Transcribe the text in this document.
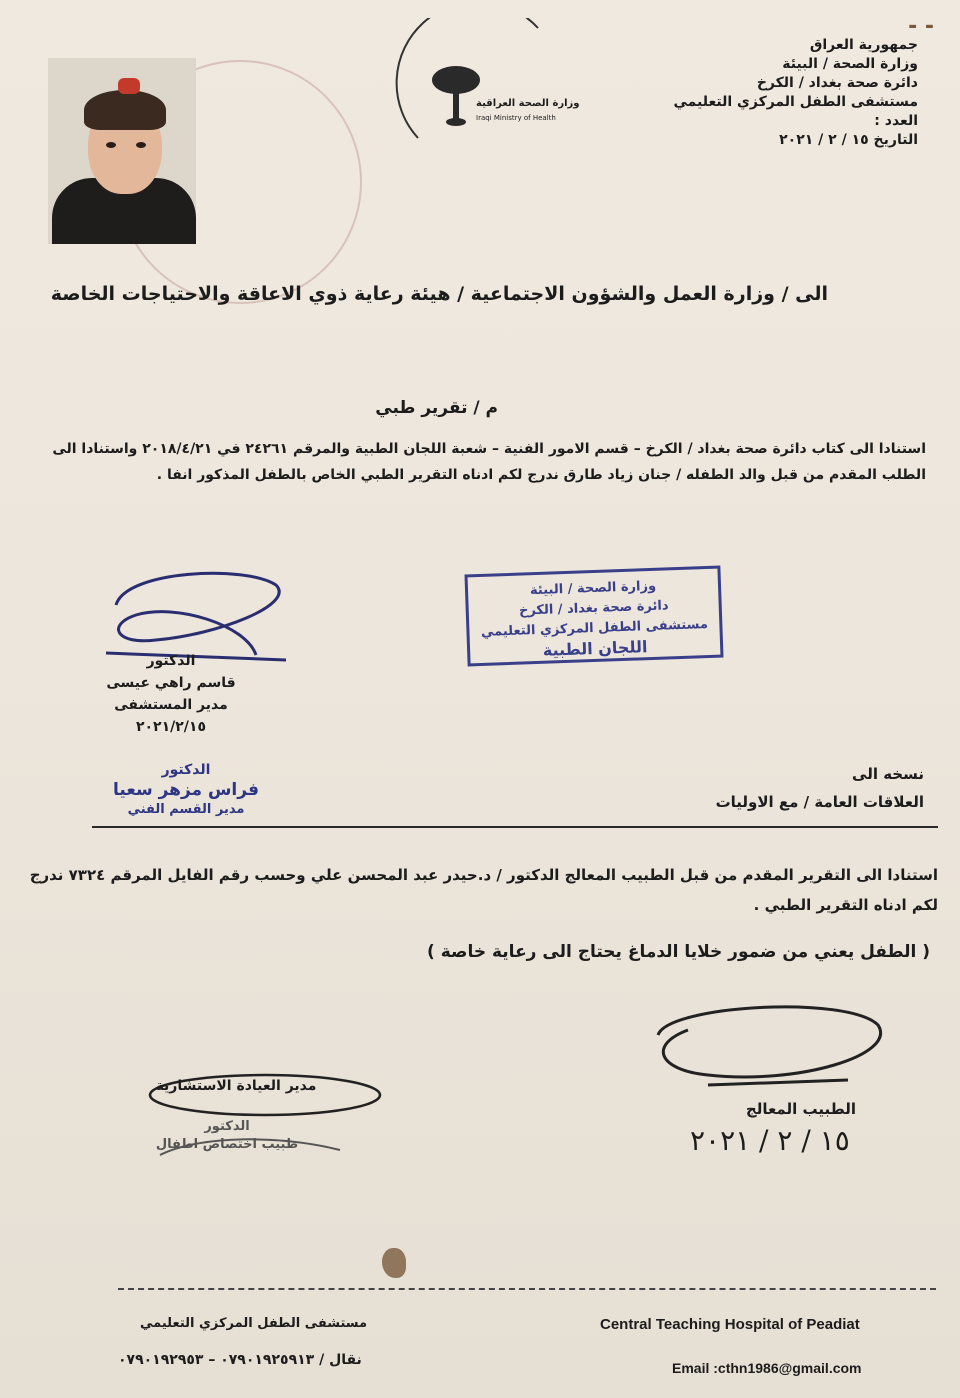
- -
جمهورية العراق
وزارة الصحة / البيئة
دائرة صحة بغداد / الكرخ
مستشفى الطفل المركزي التعليمي
العدد :
التاريخ ١٥ / ٢ / ٢٠٢١
وزارة الصحة العراقية
Iraqi Ministry of Health
الى / وزارة العمل والشؤون الاجتماعية / هيئة رعاية ذوي الاعاقة والاحتياجات الخاصة
م / تقرير طبي
استنادا الى كتاب دائرة صحة بغداد / الكرخ – قسم الامور الفنية – شعبة اللجان الطبية والمرقم ٢٤٢٦١ في ٢٠١٨/٤/٢١ واستنادا الى الطلب المقدم من قبل والد الطفله / جنان زياد طارق ندرج لكم ادناه التقرير الطبي الخاص بالطفل المذكور انفا .
وزارة الصحة / البيئة
دائرة صحة بغداد / الكرخ
مستشفى الطفل المركزي التعليمي
اللجان الطبية
الدكتور
قاسم راهي عيسى
مدير المستشفى
٢٠٢١/٢/١٥
الدكتور
فراس مزهر سعيا
مدير القسم الفني
نسخه الى
العلاقات العامة / مع الاوليات
استنادا الى التقرير المقدم من قبل الطبيب المعالج الدكتور / د.حيدر عبد المحسن علي وحسب رقم الفايل المرقم ٧٣٢٤ ندرج لكم ادناه التقرير الطبي .
( الطفل يعني من ضمور خلايا الدماغ يحتاج الى رعاية خاصة )
الطبيب المعالج
١٥ / ٢ / ٢٠٢١
مدير العيادة الاستشارية
الدكتور
طبيب اختصاص اطفال
مستشفى الطفل المركزي التعليمي	Central Teaching Hospital of Peadiat
نقال / ٠٧٩٠١٩٢٥٩١٣ – ٠٧٩٠١٩٢٩٥٣	Email :cthn1986@gmail.com
